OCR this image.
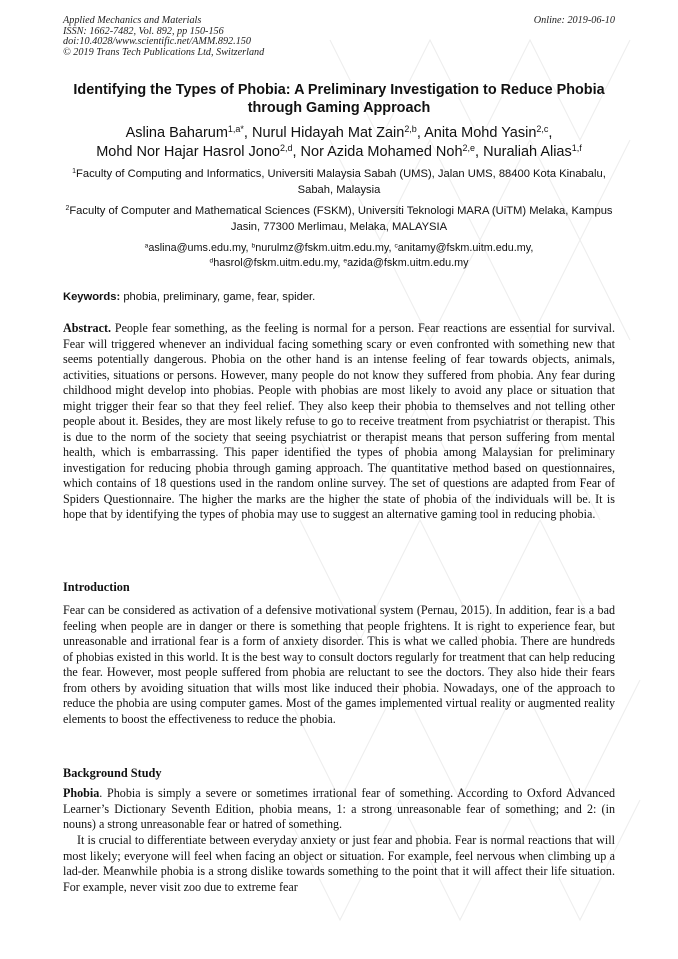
Applied Mechanics and Materials
ISSN: 1662-7482, Vol. 892, pp 150-156
doi:10.4028/www.scientific.net/AMM.892.150
© 2019 Trans Tech Publications Ltd, Switzerland
Online: 2019-06-10
Identifying the Types of Phobia: A Preliminary Investigation to Reduce Phobia through Gaming Approach
Aslina Baharum$^{1,a*}$, Nurul Hidayah Mat Zain$^{2,b}$, Anita Mohd Yasin$^{2,c}$,
Mohd Nor Hajar Hasrol Jono$^{2,d}$, Nor Azida Mohamed Noh$^{2,e}$, Nuraliah Alias$^{1,f}$
$^1$Faculty of Computing and Informatics, Universiti Malaysia Sabah (UMS), Jalan UMS, 88400 Kota Kinabalu, Sabah, Malaysia
$^2$Faculty of Computer and Mathematical Sciences (FSKM), Universiti Teknologi MARA (UiTM) Melaka, Kampus Jasin, 77300 Merlimau, Melaka, MALAYSIA
$^a$aslina@ums.edu.my, $^b$nurulmz@fskm.uitm.edu.my, $^c$anitamy@fskm.uitm.edu.my,
$^d$hasrol@fskm.uitm.edu.my, $^e$azida@fskm.uitm.edu.my
Keywords: phobia, preliminary, game, fear, spider.

Abstract. People fear something, as the feeling is normal for a person. Fear reactions are essential for survival. Fear will triggered whenever an individual facing something scary or even confronted with something new that seems potentially dangerous. Phobia on the other hand is an intense feeling of fear towards objects, animals, activities, situations or persons. However, many people do not know they suffered from phobia. Any fear during childhood might develop into phobias. People with phobias are most likely to avoid any place or situation that might trigger their fear so that they feel relief. They also keep their phobia to themselves and not telling other people about it. Besides, they are most likely refuse to go to receive treatment from psychiatrist or therapist. This is due to the norm of the society that seeing psychiatrist or therapist means that person suffering from mental health, which is embarrassing. This paper identified the types of phobia among Malaysian for preliminary investigation for reducing phobia through gaming approach. The quantitative method based on questionnaires, which contains of 18 questions used in the random online survey. The set of questions are adapted from Fear of Spiders Questionnaire. The higher the marks are the higher the state of phobia of the individuals will be. It is hope that by identifying the types of phobia may use to suggest an alternative gaming tool in reducing phobia.

Introduction

Fear can be considered as activation of a defensive motivational system (Pernau, 2015). In addition, fear is a bad feeling when people are in danger or there is something that people frightens. It is right to experience fear, but unreasonable and irrational fear is a form of anxiety disorder. This is what we called phobia. There are hundreds of phobias existed in this world. It is the best way to consult doctors regularly for treatment that can help reducing the fear. However, most people suffered from phobia are reluctant to see the doctors. They also hide their fears from others by avoiding situation that wills most like induced their phobia. Nowadays, one of the approach to reduce the phobia are using computer games. Most of the games implemented virtual reality or augmented reality elements to boost the effectiveness to reduce the phobia.

Background Study

Phobia. Phobia is simply a severe or sometimes irrational fear of something. According to Oxford Advanced Learner’s Dictionary Seventh Edition, phobia means, 1: a strong unreasonable fear of something; and 2: (in nouns) a strong unreasonable fear or hatred of something.

It is crucial to differentiate between everyday anxiety or just fear and phobia. Fear is normal reactions that will most likely; everyone will feel when facing an object or situation. For example, feel nervous when climbing up a lad-der. Meanwhile phobia is a strong dislike towards something to the point that it will affect their life situation. For example, never visit zoo due to extreme fear
